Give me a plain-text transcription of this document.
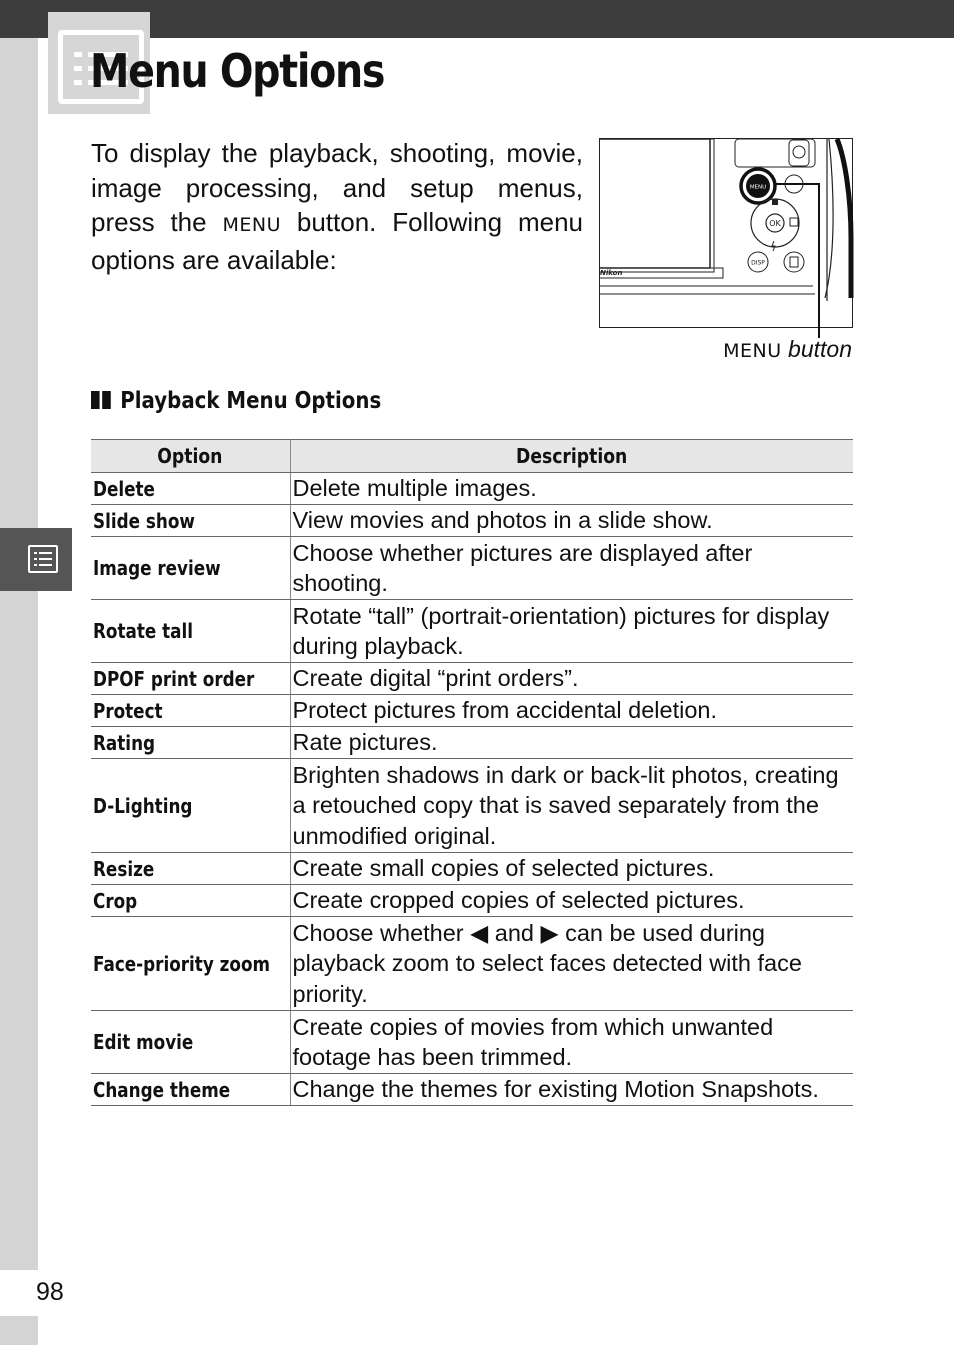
Menu Options

To display the playback, shooting, movie, image processing, and setup menus, press the MENU button. Following menu options are available:	Nikon
MENU
OK
DISP
MENU button
Playback Menu Options
Option	Description
Delete	Delete multiple images.
Slide show	View movies and photos in a slide show.
Image review	Choose whether pictures are displayed after shooting.
Rotate tall	Rotate “tall” (portrait-orientation) pictures for display during playback.
DPOF print order	Create digital “print orders”.
Protect	Protect pictures from accidental deletion.
Rating	Rate pictures.
D-Lighting	Brighten shadows in dark or back-lit photos, creating a retouched copy that is saved separately from the unmodified original.
Resize	Create small copies of selected pictures.
Crop	Create cropped copies of selected pictures.
Face-priority zoom	Choose whether ◀ and ▶ can be used during playback zoom to select faces detected with face priority.
Edit movie	Create copies of movies from which unwanted footage has been trimmed.
Change theme	Change the themes for existing Motion Snapshots.
98
